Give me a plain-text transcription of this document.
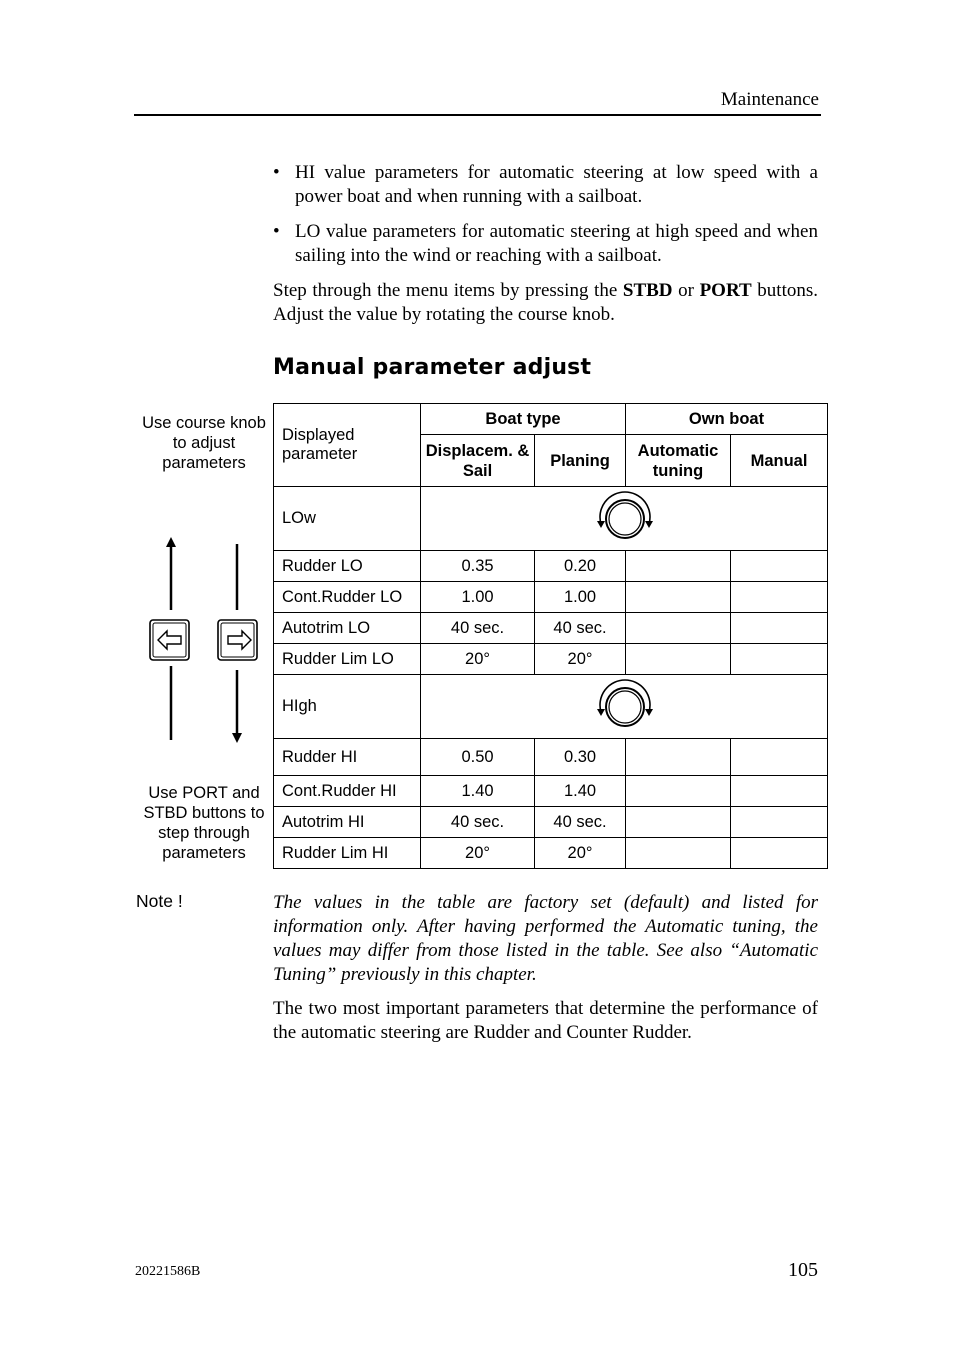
Maintenance
• HI value parameters for automatic steering at low speed with a power boat and when running with a sailboat.
• LO value parameters for automatic steering at high speed and when sailing into the wind or reaching with a sailboat.
Step through the menu items by pressing the STBD or PORT buttons. Adjust the value by rotating the course knob.
Manual parameter adjust
Use course knob to adjust parameters
Use PORT and STBD buttons to step through parameters
Displayed parameter	Boat type		Own boat	
	Displacem. & Sail	Planing	Automatic tuning	Manual
LOw	

Rudder LO	0.35	0.20		
Cont.Rudder LO	1.00	1.00		
Autotrim LO	40 sec.	40 sec.		
Rudder Lim LO	20°	20°		
HIgh	

Rudder HI	0.50	0.30		
Cont.Rudder HI	1.40	1.40		
Autotrim HI	40 sec.	40 sec.		
Rudder Lim HI	20°	20°		
Note !	The values in the table are factory set (default) and listed for information only. After having performed the Automatic tuning, the values may differ from those listed in the table. See also “Automatic Tuning” previously in this chapter.
The two most important parameters that determine the performance of the automatic steering are Rudder and Counter Rudder.
20221586B	105
